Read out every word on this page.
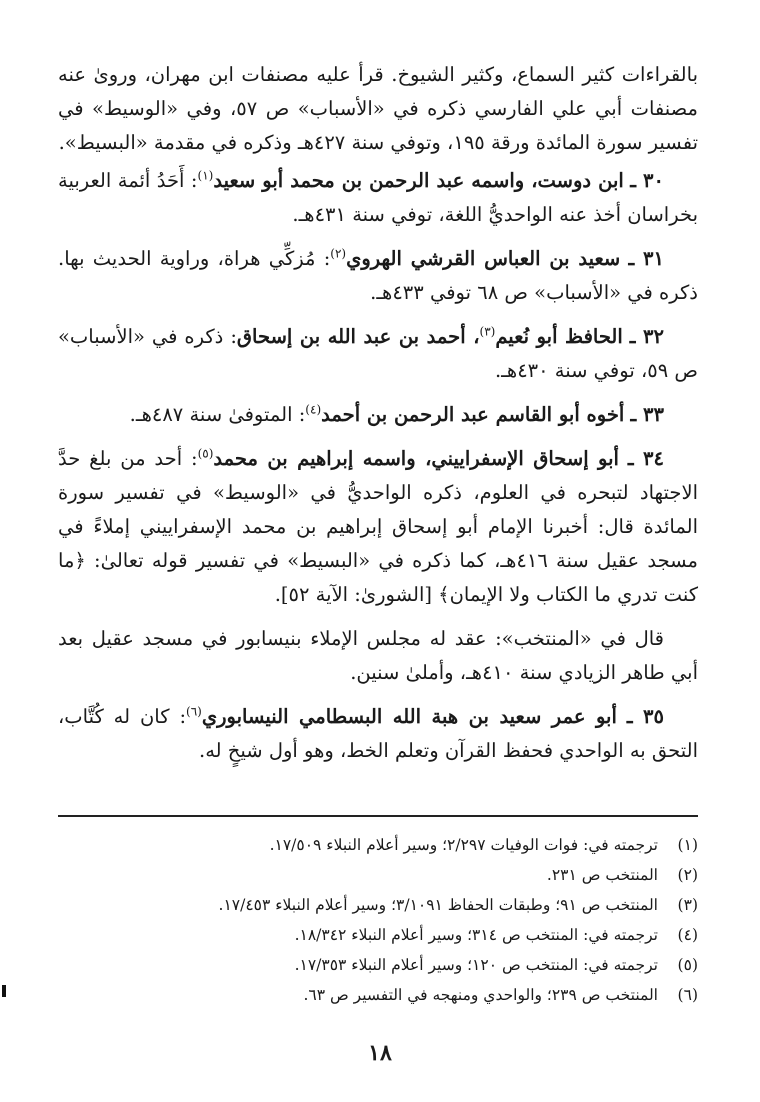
بالقراءات كثير السماع، وكثير الشيوخ. قرأ عليه مصنفات ابن مهران، وروىٰ عنه مصنفات أبي علي الفارسي ذكره في «الأسباب» ص ٥٧، وفي «الوسيط» في تفسير سورة المائدة ورقة ١٩٥، وتوفي سنة ٤٢٧هـ وذكره في مقدمة «البسيط».

٣٠ ـ ابن دوست، واسمه عبد الرحمن بن محمد أبو سعيد$^{(١)}$: أَحَدُ أئمة العربية بخراسان أخذ عنه الواحديُّ اللغة، توفي سنة ٤٣١هـ.

٣١ ـ سعيد بن العباس القرشي الهروي$^{(٢)}$: مُزكِّي هراة، وراوية الحديث بها. ذكره في «الأسباب» ص ٦٨ توفي ٤٣٣هـ.

٣٢ ـ الحافظ أبو نُعيم$^{(٣)}$، أحمد بن عبد الله بن إسحاق: ذكره في «الأسباب» ص ٥٩، توفي سنة ٤٣٠هـ.

٣٣ ـ أخوه أبو القاسم عبد الرحمن بن أحمد$^{(٤)}$: المتوفىٰ سنة ٤٨٧هـ.

٣٤ ـ أبو إسحاق الإسفراييني، واسمه إبراهيم بن محمد$^{(٥)}$: أحد من بلغ حدَّ الاجتهاد لتبحره في العلوم، ذكره الواحديُّ في «الوسيط» في تفسير سورة المائدة قال: أخبرنا الإمام أبو إسحاق إبراهيم بن محمد الإسفراييني إملاءً في مسجد عقيل سنة ٤١٦هـ، كما ذكره في «البسيط» في تفسير قوله تعالىٰ: ﴿ما كنت تدري ما الكتاب ولا الإيمان﴾ [الشورىٰ: الآية ٥٢].

قال في «المنتخب»: عقد له مجلس الإملاء بنيسابور في مسجد عقيل بعد أبي طاهر الزيادي سنة ٤١٠هـ، وأملىٰ سنين.

٣٥ ـ أبو عمر سعيد بن هبة الله البسطامي النيسابوري$^{(٦)}$: كان له كُتَّاب، التحق به الواحدي فحفظ القرآن وتعلم الخط، وهو أول شيخٍ له.

(١)ترجمته في: فوات الوفيات ٢/٢٩٧؛ وسير أعلام النبلاء ١٧/٥٠٩.

(٢)المنتخب ص ٢٣١.

(٣)المنتخب ص ٩١؛ وطبقات الحفاظ ٣/١٠٩١؛ وسير أعلام النبلاء ١٧/٤٥٣.

(٤)ترجمته في: المنتخب ص ٣١٤؛ وسير أعلام النبلاء ١٨/٣٤٢.

(٥)ترجمته في: المنتخب ص ١٢٠؛ وسير أعلام النبلاء ١٧/٣٥٣.

(٦)المنتخب ص ٢٣٩؛ والواحدي ومنهجه في التفسير ص ٦٣.

١٨
